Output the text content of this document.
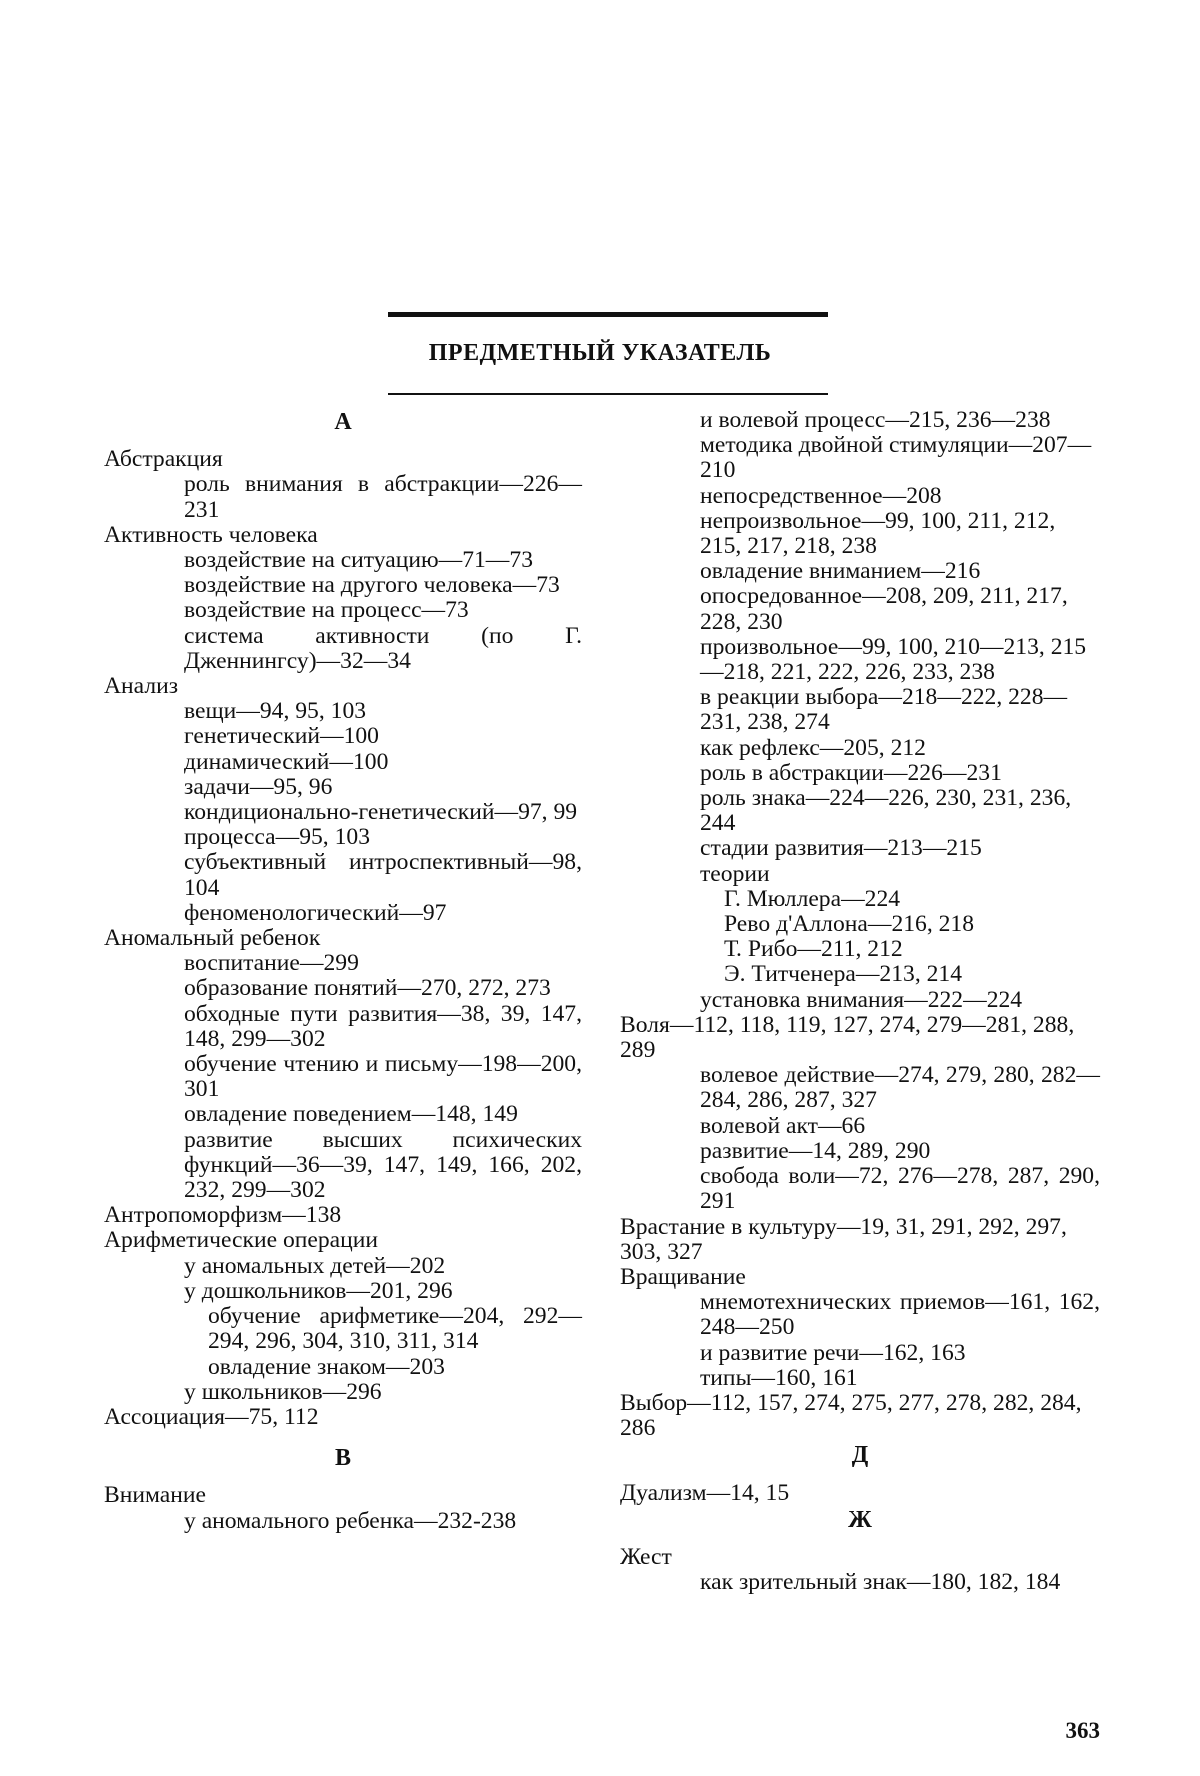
ПРЕДМЕТНЫЙ УКАЗАТЕЛЬ
А
Абстракция
роль внимания в абстракции—226—231
Активность человека
воздействие на ситуацию—71—73
воздействие на другого человека—73
воздействие на процесс—73
система активности (по Г. Дженнингсу)—32—34
Анализ
вещи—94, 95, 103
генетический—100
динамический—100
задачи—95, 96
кондиционально-генетический—97, 99
процесса—95, 103
субъективный интроспективный—98, 104
феноменологический—97
Аномальный ребенок
воспитание—299
образование понятий—270, 272, 273
обходные пути развития—38, 39, 147, 148, 299—302
обучение чтению и письму—198—200, 301
овладение поведением—148, 149
развитие высших психических функций—36—39, 147, 149, 166, 202, 232, 299—302
Антропоморфизм—138
Арифметические операции
у аномальных детей—202
у дошкольников—201, 296
обучение арифметике—204, 292—294, 296, 304, 310, 311, 314
овладение знаком—203
у школьников—296
Ассоциация—75, 112
В
Внимание
у аномального ребенка—232-238
и волевой процесс—215, 236—238
методика двойной стимуляции—207—210
непосредственное—208
непроизвольное—99, 100, 211, 212, 215, 217, 218, 238
овладение вниманием—216
опосредованное—208, 209, 211, 217, 228, 230
произвольное—99, 100, 210—213, 215—218, 221, 222, 226, 233, 238
в реакции выбора—218—222, 228—231, 238, 274
как рефлекс—205, 212
роль в абстракции—226—231
роль знака—224—226, 230, 231, 236, 244
стадии развития—213—215
теории
Г. Мюллера—224
Ревo д'Аллона—216, 218
Т. Рибо—211, 212
Э. Титченера—213, 214
установка внимания—222—224
Воля—112, 118, 119, 127, 274, 279—281, 288, 289
волевое действие—274, 279, 280, 282—284, 286, 287, 327
волевой акт—66
развитие—14, 289, 290
свобода воли—72, 276—278, 287, 290, 291
Врастание в культуру—19, 31, 291, 292, 297, 303, 327
Вращивание
мнемотехнических приемов—161, 162, 248—250
и развитие речи—162, 163
типы—160, 161
Выбор—112, 157, 274, 275, 277, 278, 282, 284, 286
Д
Дуализм—14, 15
Ж
Жест
как зрительный знак—180, 182, 184

363
